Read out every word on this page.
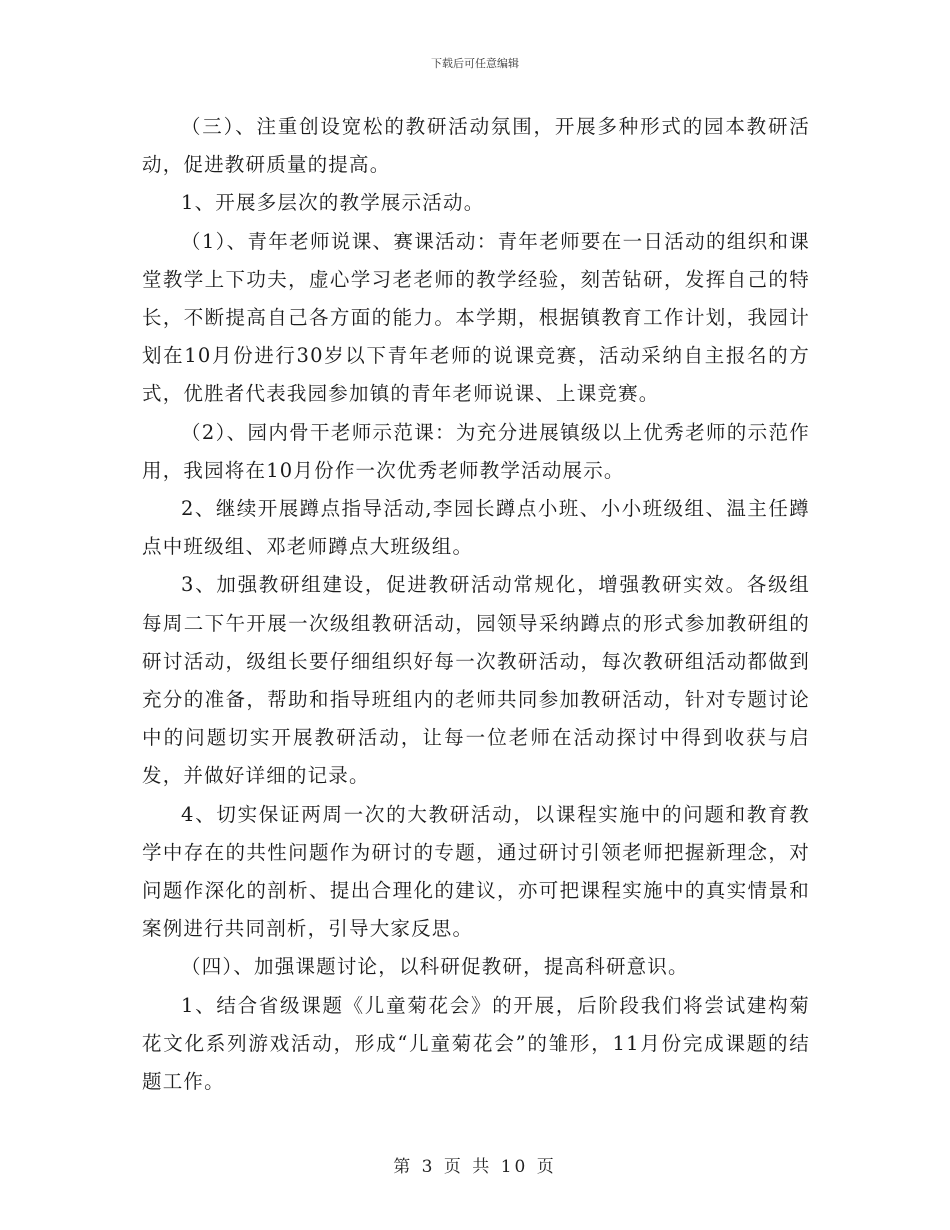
下载后可任意编辑

（三）、注重创设宽松的教研活动氛围，开展多种形式的园本教研活动，促进教研质量的提高。

1、开展多层次的教学展示活动。

（1）、青年老师说课、赛课活动：青年老师要在一日活动的组织和课堂教学上下功夫，虚心学习老老师的教学经验，刻苦钻研，发挥自己的特长，不断提高自己各方面的能力。本学期，根据镇教育工作计划，我园计划在10月份进行30岁以下青年老师的说课竞赛，活动采纳自主报名的方式，优胜者代表我园参加镇的青年老师说课、上课竞赛。

（2）、园内骨干老师示范课：为充分进展镇级以上优秀老师的示范作用，我园将在10月份作一次优秀老师教学活动展示。

2、继续开展蹲点指导活动,李园长蹲点小班、小小班级组、温主任蹲点中班级组、邓老师蹲点大班级组。

3、加强教研组建设，促进教研活动常规化，增强教研实效。各级组每周二下午开展一次级组教研活动，园领导采纳蹲点的形式参加教研组的研讨活动，级组长要仔细组织好每一次教研活动，每次教研组活动都做到充分的准备，帮助和指导班组内的老师共同参加教研活动，针对专题讨论中的问题切实开展教研活动，让每一位老师在活动探讨中得到收获与启发，并做好详细的记录。

4、切实保证两周一次的大教研活动，以课程实施中的问题和教育教学中存在的共性问题作为研讨的专题，通过研讨引领老师把握新理念，对问题作深化的剖析、提出合理化的建议，亦可把课程实施中的真实情景和案例进行共同剖析，引导大家反思。

（四）、加强课题讨论，以科研促教研，提高科研意识。

1、结合省级课题《儿童菊花会》的开展，后阶段我们将尝试建构菊花文化系列游戏活动，形成“儿童菊花会”的雏形，11月份完成课题的结题工作。

第 3 页 共 10 页
